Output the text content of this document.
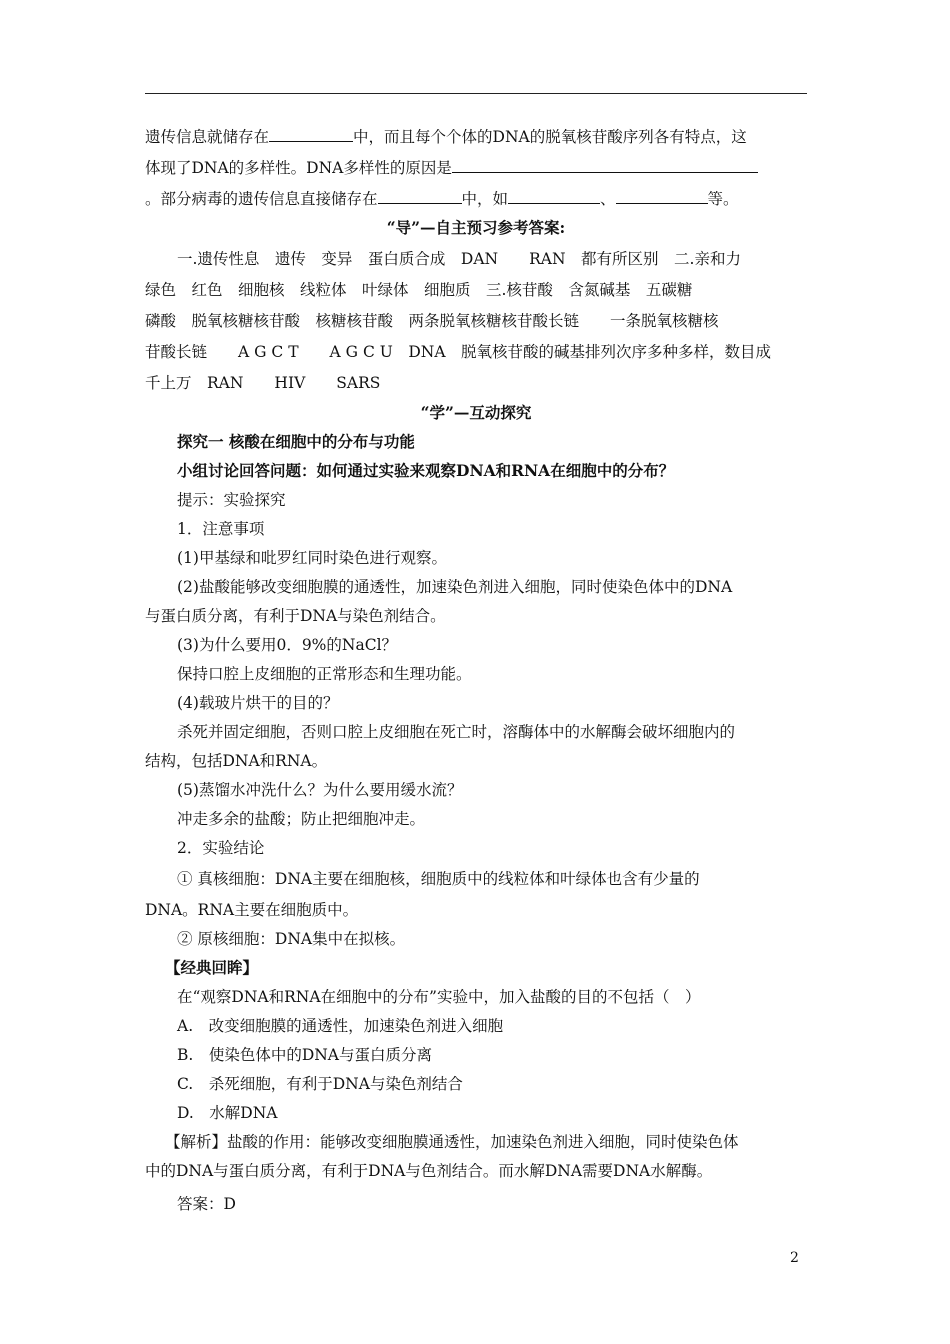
遗传信息就储存在	中，而且每个个体的DNA的脱氧核苷酸序列各有特点，这
体现了DNA的多样性。DNA多样性的原因是
。部分病毒的遗传信息直接储存在	中，如	、	等。
“导”—自主预习参考答案:
一.遗传性息　遗传　变异　蛋白质合成　DAN　　RAN　都有所区别　二.亲和力
绿色　红色　细胞核　线粒体　叶绿体　细胞质　三.核苷酸　含氮碱基　五碳糖
磷酸　脱氧核糖核苷酸　核糖核苷酸　两条脱氧核糖核苷酸长链　　一条脱氧核糖核
苷酸长链　　A G C T　　A G C U　DNA　脱氧核苷酸的碱基排列次序多种多样，数目成
千上万　RAN　　HIV　　SARS
“学”—互动探究
探究一 核酸在细胞中的分布与功能
小组讨论回答问题：如何通过实验来观察DNA和RNA在细胞中的分布？
提示：实验探究
1．注意事项
(1)甲基绿和吡罗红同时染色进行观察。
(2)盐酸能够改变细胞膜的通透性，加速染色剂进入细胞，同时使染色体中的DNA
与蛋白质分离，有利于DNA与染色剂结合。
(3)为什么要用0．9%的NaCl？
保持口腔上皮细胞的正常形态和生理功能。
(4)载玻片烘干的目的？
杀死并固定细胞，否则口腔上皮细胞在死亡时，溶酶体中的水解酶会破坏细胞内的
结构，包括DNA和RNA。
(5)蒸馏水冲洗什么？为什么要用缓水流？
冲走多余的盐酸；防止把细胞冲走。
2．实验结论
① 真核细胞：DNA主要在细胞核，细胞质中的线粒体和叶绿体也含有少量的
DNA。RNA主要在细胞质中。
② 原核细胞：DNA集中在拟核。
【经典回眸】
在“观察DNA和RNA在细胞中的分布”实验中，加入盐酸的目的不包括（　）
A.　改变细胞膜的通透性，加速染色剂进入细胞
B.　使染色体中的DNA与蛋白质分离
C.　杀死细胞，有利于DNA与染色剂结合
D.　水解DNA
【解析】盐酸的作用：能够改变细胞膜通透性，加速染色剂进入细胞，同时使染色体
中的DNA与蛋白质分离，有利于DNA与色剂结合。而水解DNA需要DNA水解酶。
答案：D
2
